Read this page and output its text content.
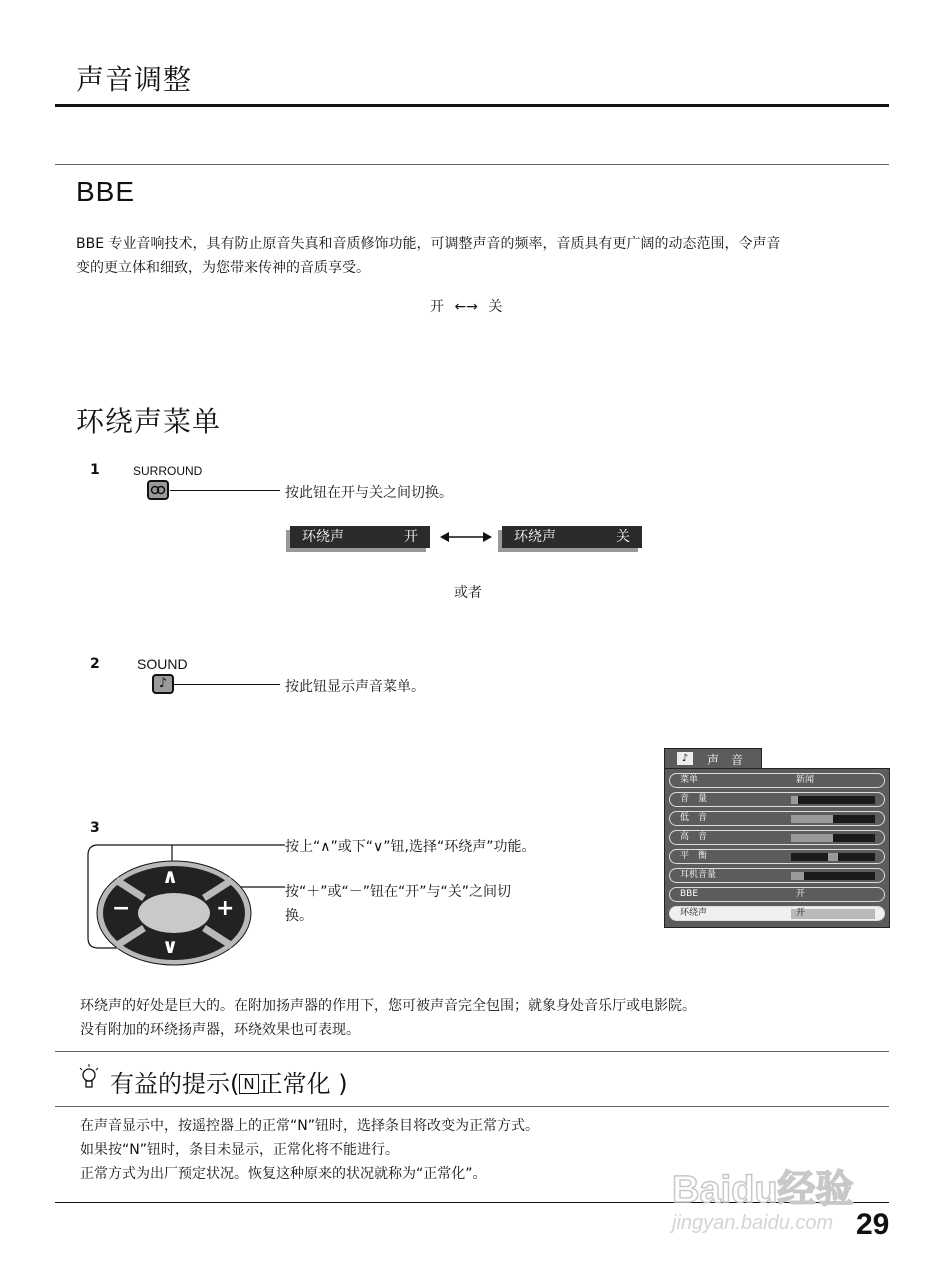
声音调整
BBE
BBE 专业音响技术，具有防止原音失真和音质修饰功能，可调整声音的频率，音质具有更广阔的动态范围，令声音
变的更立体和细致，为您带来传神的音质享受。
开 ←→ 关
环绕声菜单
1	SURROUND
按此钮在开与关之间切换。
环绕声	开	环绕声	关
或者
2	SOUND
♪	按此钮显示声音菜单。
♪	声　音
菜单	新闻
音　量
低　音
高　音
平　衡
耳机音量
BBE	开
环绕声	开
3
∧
∨
−	+
按上“∧”或下“∨”钮,选择“环绕声”功能。
按“＋”或“－”钮在“开”与“关”之间切
换。
环绕声的好处是巨大的。在附加扬声器的作用下，您可被声音完全包围；就象身处音乐厅或电影院。
没有附加的环绕扬声器，环绕效果也可表现。
有益的提示( N 正常化 )
在声音显示中，按遥控器上的正常“N”钮时，选择条目将改变为正常方式。
如果按“N”钮时，条目未显示，正常化将不能进行。
正常方式为出厂预定状况。恢复这种原来的状况就称为“正常化”。	Baidu经验
jingyan.baidu.com 29
